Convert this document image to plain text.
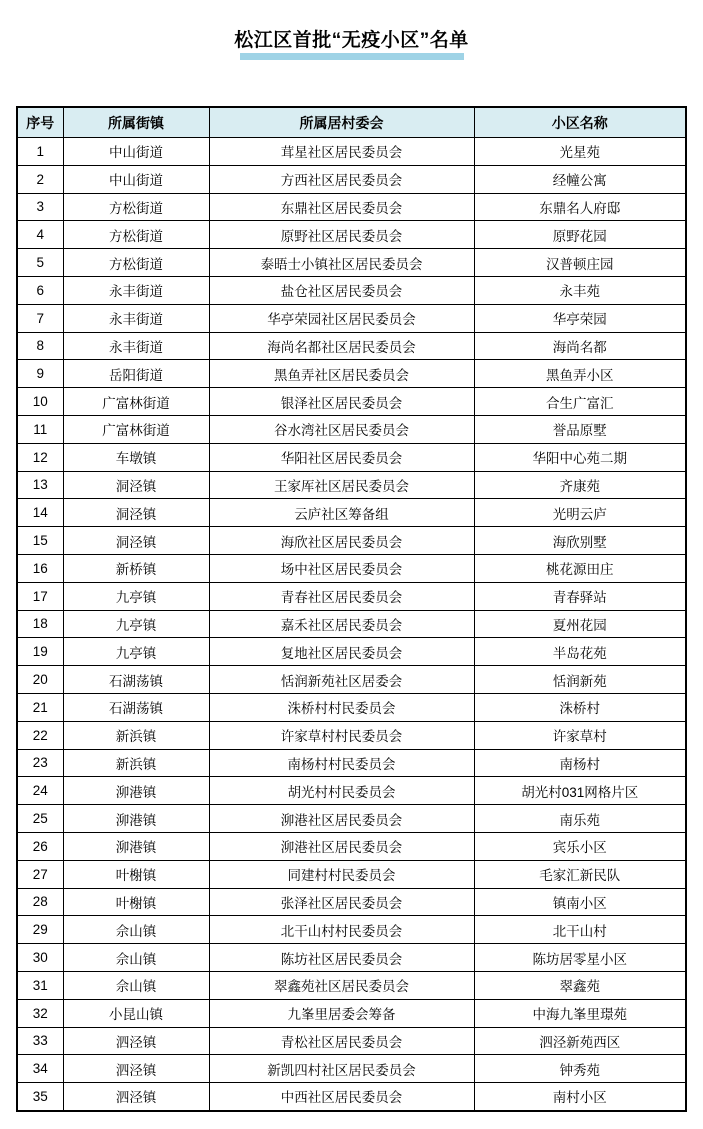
松江区首批“无疫小区”名单
序号	所属街镇	所属居村委会	小区名称
1	中山街道	茸星社区居民委员会	光星苑
2	中山街道	方西社区居民委员会	经幢公寓
3	方松街道	东鼎社区居民委员会	东鼎名人府邸
4	方松街道	原野社区居民委员会	原野花园
5	方松街道	泰晤士小镇社区居民委员会	汉普顿庄园
6	永丰街道	盐仓社区居民委员会	永丰苑
7	永丰街道	华亭荣园社区居民委员会	华亭荣园
8	永丰街道	海尚名都社区居民委员会	海尚名都
9	岳阳街道	黑鱼弄社区居民委员会	黑鱼弄小区
10	广富林街道	银泽社区居民委员会	合生广富汇
11	广富林街道	谷水湾社区居民委员会	誉品原墅
12	车墩镇	华阳社区居民委员会	华阳中心苑二期
13	洞泾镇	王家厍社区居民委员会	齐康苑
14	洞泾镇	云庐社区筹备组	光明云庐
15	洞泾镇	海欣社区居民委员会	海欣别墅
16	新桥镇	场中社区居民委员会	桃花源田庄
17	九亭镇	青春社区居民委员会	青春驿站
18	九亭镇	嘉禾社区居民委员会	夏州花园
19	九亭镇	复地社区居民委员会	半岛花苑
20	石湖荡镇	恬润新苑社区居委会	恬润新苑
21	石湖荡镇	洙桥村村民委员会	洙桥村
22	新浜镇	许家草村村民委员会	许家草村
23	新浜镇	南杨村村民委员会	南杨村
24	泖港镇	胡光村村民委员会	胡光村031网格片区
25	泖港镇	泖港社区居民委员会	南乐苑
26	泖港镇	泖港社区居民委员会	宾乐小区
27	叶榭镇	同建村村民委员会	毛家汇新民队
28	叶榭镇	张泽社区居民委员会	镇南小区
29	佘山镇	北干山村村民委员会	北干山村
30	佘山镇	陈坊社区居民委员会	陈坊居零星小区
31	佘山镇	翠鑫苑社区居民委员会	翠鑫苑
32	小昆山镇	九峯里居委会筹备	中海九峯里璟苑
33	泗泾镇	青松社区居民委员会	泗泾新苑西区
34	泗泾镇	新凯四村社区居民委员会	钟秀苑
35	泗泾镇	中西社区居民委员会	南村小区
